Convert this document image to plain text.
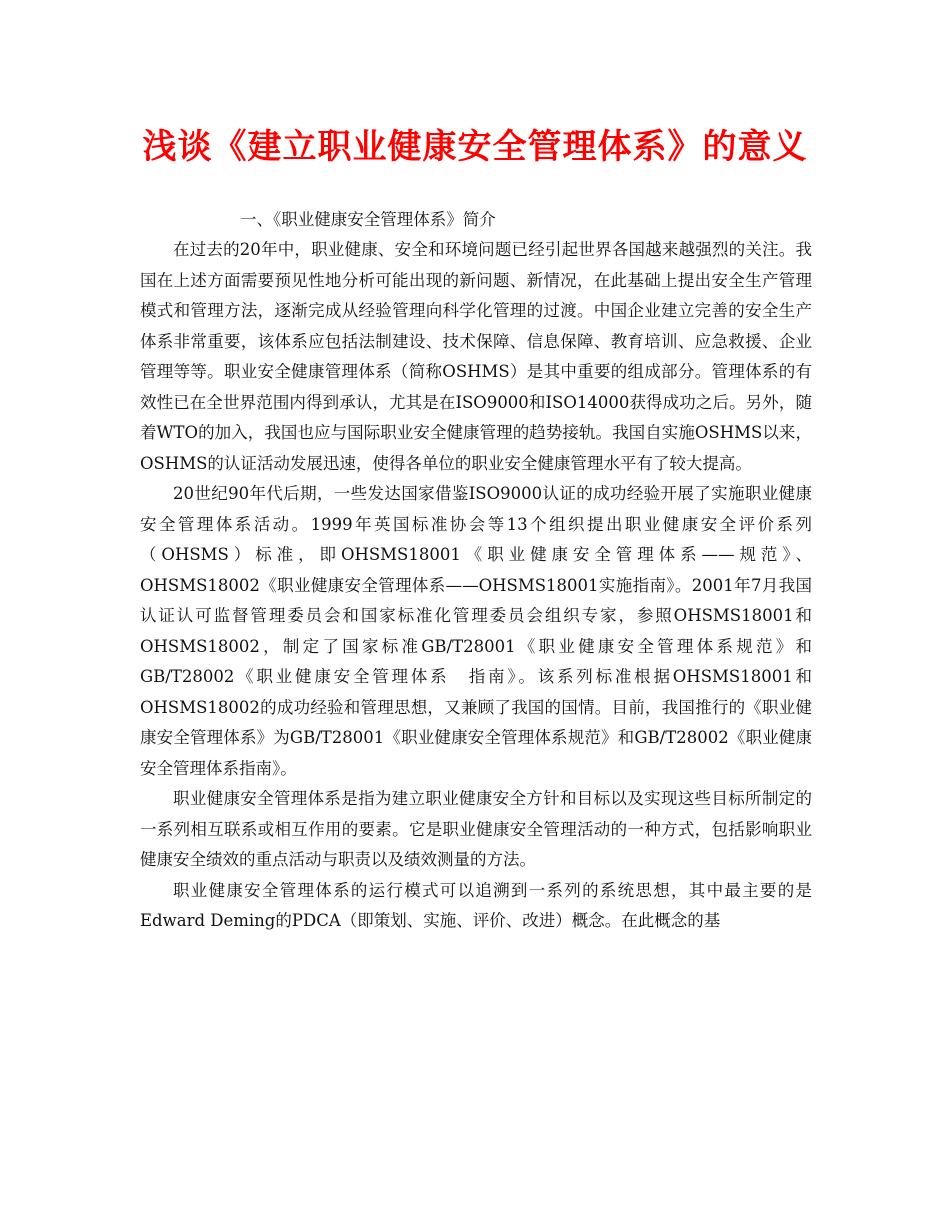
浅谈《建立职业健康安全管理体系》的意义

一、《职业健康安全管理体系》简介

在过去的20年中，职业健康、安全和环境问题已经引起世界各国越来越强烈的关注。我国在上述方面需要预见性地分析可能出现的新问题、新情况，在此基础上提出安全生产管理模式和管理方法，逐渐完成从经验管理向科学化管理的过渡。中国企业建立完善的安全生产体系非常重要，该体系应包括法制建设、技术保障、信息保障、教育培训、应急救援、企业管理等等。职业安全健康管理体系（简称OSHMS）是其中重要的组成部分。管理体系的有效性已在全世界范围内得到承认，尤其是在ISO9000和ISO14000获得成功之后。另外，随着WTO的加入，我国也应与国际职业安全健康管理的趋势接轨。我国自实施OSHMS以来，OSHMS的认证活动发展迅速，使得各单位的职业安全健康管理水平有了较大提高。

20世纪90年代后期，一些发达国家借鉴ISO9000认证的成功经验开展了实施职业健康安全管理体系活动。1999年英国标准协会等13个组织提出职业健康安全评价系列（OHSMS）标准，即OHSMS18001《职业健康安全管理体系——规范》、OHSMS18002《职业健康安全管理体系——OHSMS18001实施指南》。2001年7月我国认证认可监督管理委员会和国家标准化管理委员会组织专家，参照OHSMS18001和OHSMS18002，制定了国家标准GB/T28001《职业健康安全管理体系规范》和GB/T28002《职业健康安全管理体系　指南》。该系列标准根据OHSMS18001和OHSMS18002的成功经验和管理思想，又兼顾了我国的国情。目前，我国推行的《职业健康安全管理体系》为GB/T28001《职业健康安全管理体系规范》和GB/T28002《职业健康安全管理体系指南》。

职业健康安全管理体系是指为建立职业健康安全方针和目标以及实现这些目标所制定的一系列相互联系或相互作用的要素。它是职业健康安全管理活动的一种方式，包括影响职业健康安全绩效的重点活动与职责以及绩效测量的方法。

职业健康安全管理体系的运行模式可以追溯到一系列的系统思想，其中最主要的是Edward Deming的PDCA（即策划、实施、评价、改进）概念。在此概念的基
